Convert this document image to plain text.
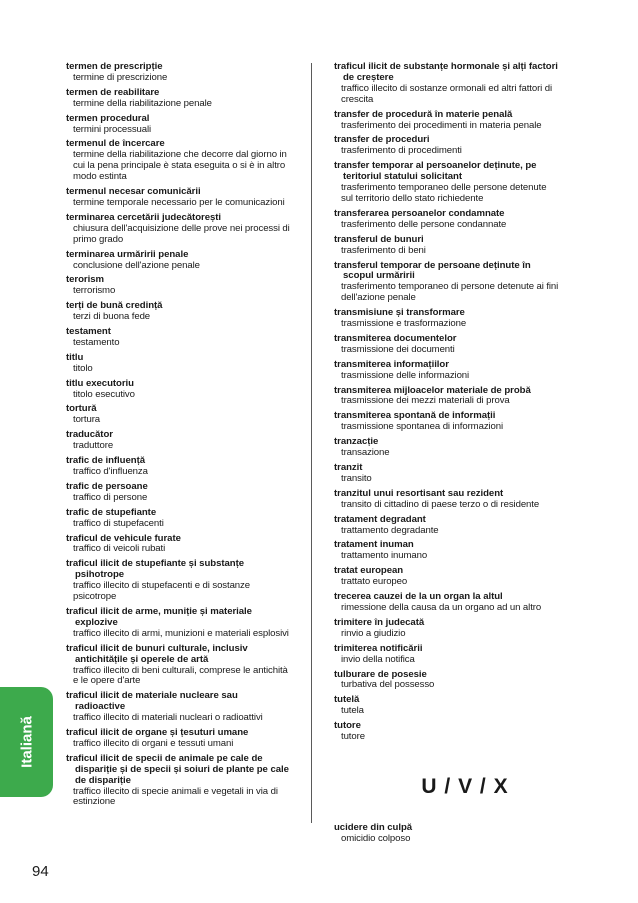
termen de prescripție
termine di prescrizione
termen de reabilitare
termine della riabilitazione penale
termen procedural
termini processuali
termenul de încercare
termine della riabilitazione che decorre dal giorno in cui la pena principale è stata eseguita o si è in altro modo estinta
termenul necesar comunicării
termine temporale necessario per le comunicazioni
terminarea cercetării judecătorești
chiusura dell'acquisizione delle prove nei processi di primo grado
terminarea urmăririi penale
conclusione dell'azione penale
terorism
terrorismo
terți de bună credință
terzi di buona fede
testament
testamento
titlu
titolo
titlu executoriu
titolo esecutivo
tortură
tortura
traducător
traduttore
trafic de influență
traffico d'influenza
trafic de persoane
traffico di persone
trafic de stupefiante
traffico di stupefacenti
traficul de vehicule furate
traffico di veicoli rubati
traficul ilicit de stupefiante și substanțe psihotrope
traffico illecito di stupefacenti e di sostanze psicotrope
traficul ilicit de arme, muniție și materiale explozive
traffico illecito di armi, munizioni e materiali esplosivi
traficul ilicit de bunuri culturale, inclusiv antichitățile și operele de artă
traffico illecito di beni culturali, comprese le antichità e le opere d'arte
traficul ilicit de materiale nucleare sau radioactive
traffico illecito di materiali nucleari o radioattivi
traficul ilicit de organe și țesuturi umane
traffico illecito di organi e tessuti umani
traficul ilicit de specii de animale pe cale de dispariție și de specii și soiuri de plante pe cale de dispariție
traffico illecito di specie animali e vegetali in via di estinzione
traficul ilicit de substanțe hormonale și alți factori de creștere
traffico illecito di sostanze ormonali ed altri fattori di crescita
transfer de procedură în materie penală
trasferimento dei procedimenti in materia penale
transfer de proceduri
trasferimento di procedimenti
transfer temporar al persoanelor deținute, pe teritoriul statului solicitant
trasferimento temporaneo delle persone detenute sul territorio dello stato richiedente
transferarea persoanelor condamnate
trasferimento delle persone condannate
transferul de bunuri
trasferimento di beni
transferul temporar de persoane deținute în scopul urmăririi
trasferimento temporaneo di persone detenute ai fini dell'azione penale
transmisiune și transformare
trasmissione e trasformazione
transmiterea documentelor
trasmissione dei documenti
transmiterea informațiilor
trasmissione delle informazioni
transmiterea mijloacelor materiale de probă
trasmissione dei mezzi materiali di prova
transmiterea spontană de informații
trasmissione spontanea di informazioni
tranzacție
transazione
tranzit
transito
tranzitul unui resortisant sau rezident
transito di cittadino di paese terzo o di residente
tratament degradant
trattamento degradante
tratament inuman
trattamento inumano
tratat european
trattato europeo
trecerea cauzei de la un organ la altul
rimessione della causa da un organo ad un altro
trimitere în judecată
rinvio a giudizio
trimiterea notificării
invio della notifica
tulburare de posesie
turbativa del possesso
tutelă
tutela
tutore
tutore
U / V / X
ucidere din culpă
omicidio colposo
Italiană
94
